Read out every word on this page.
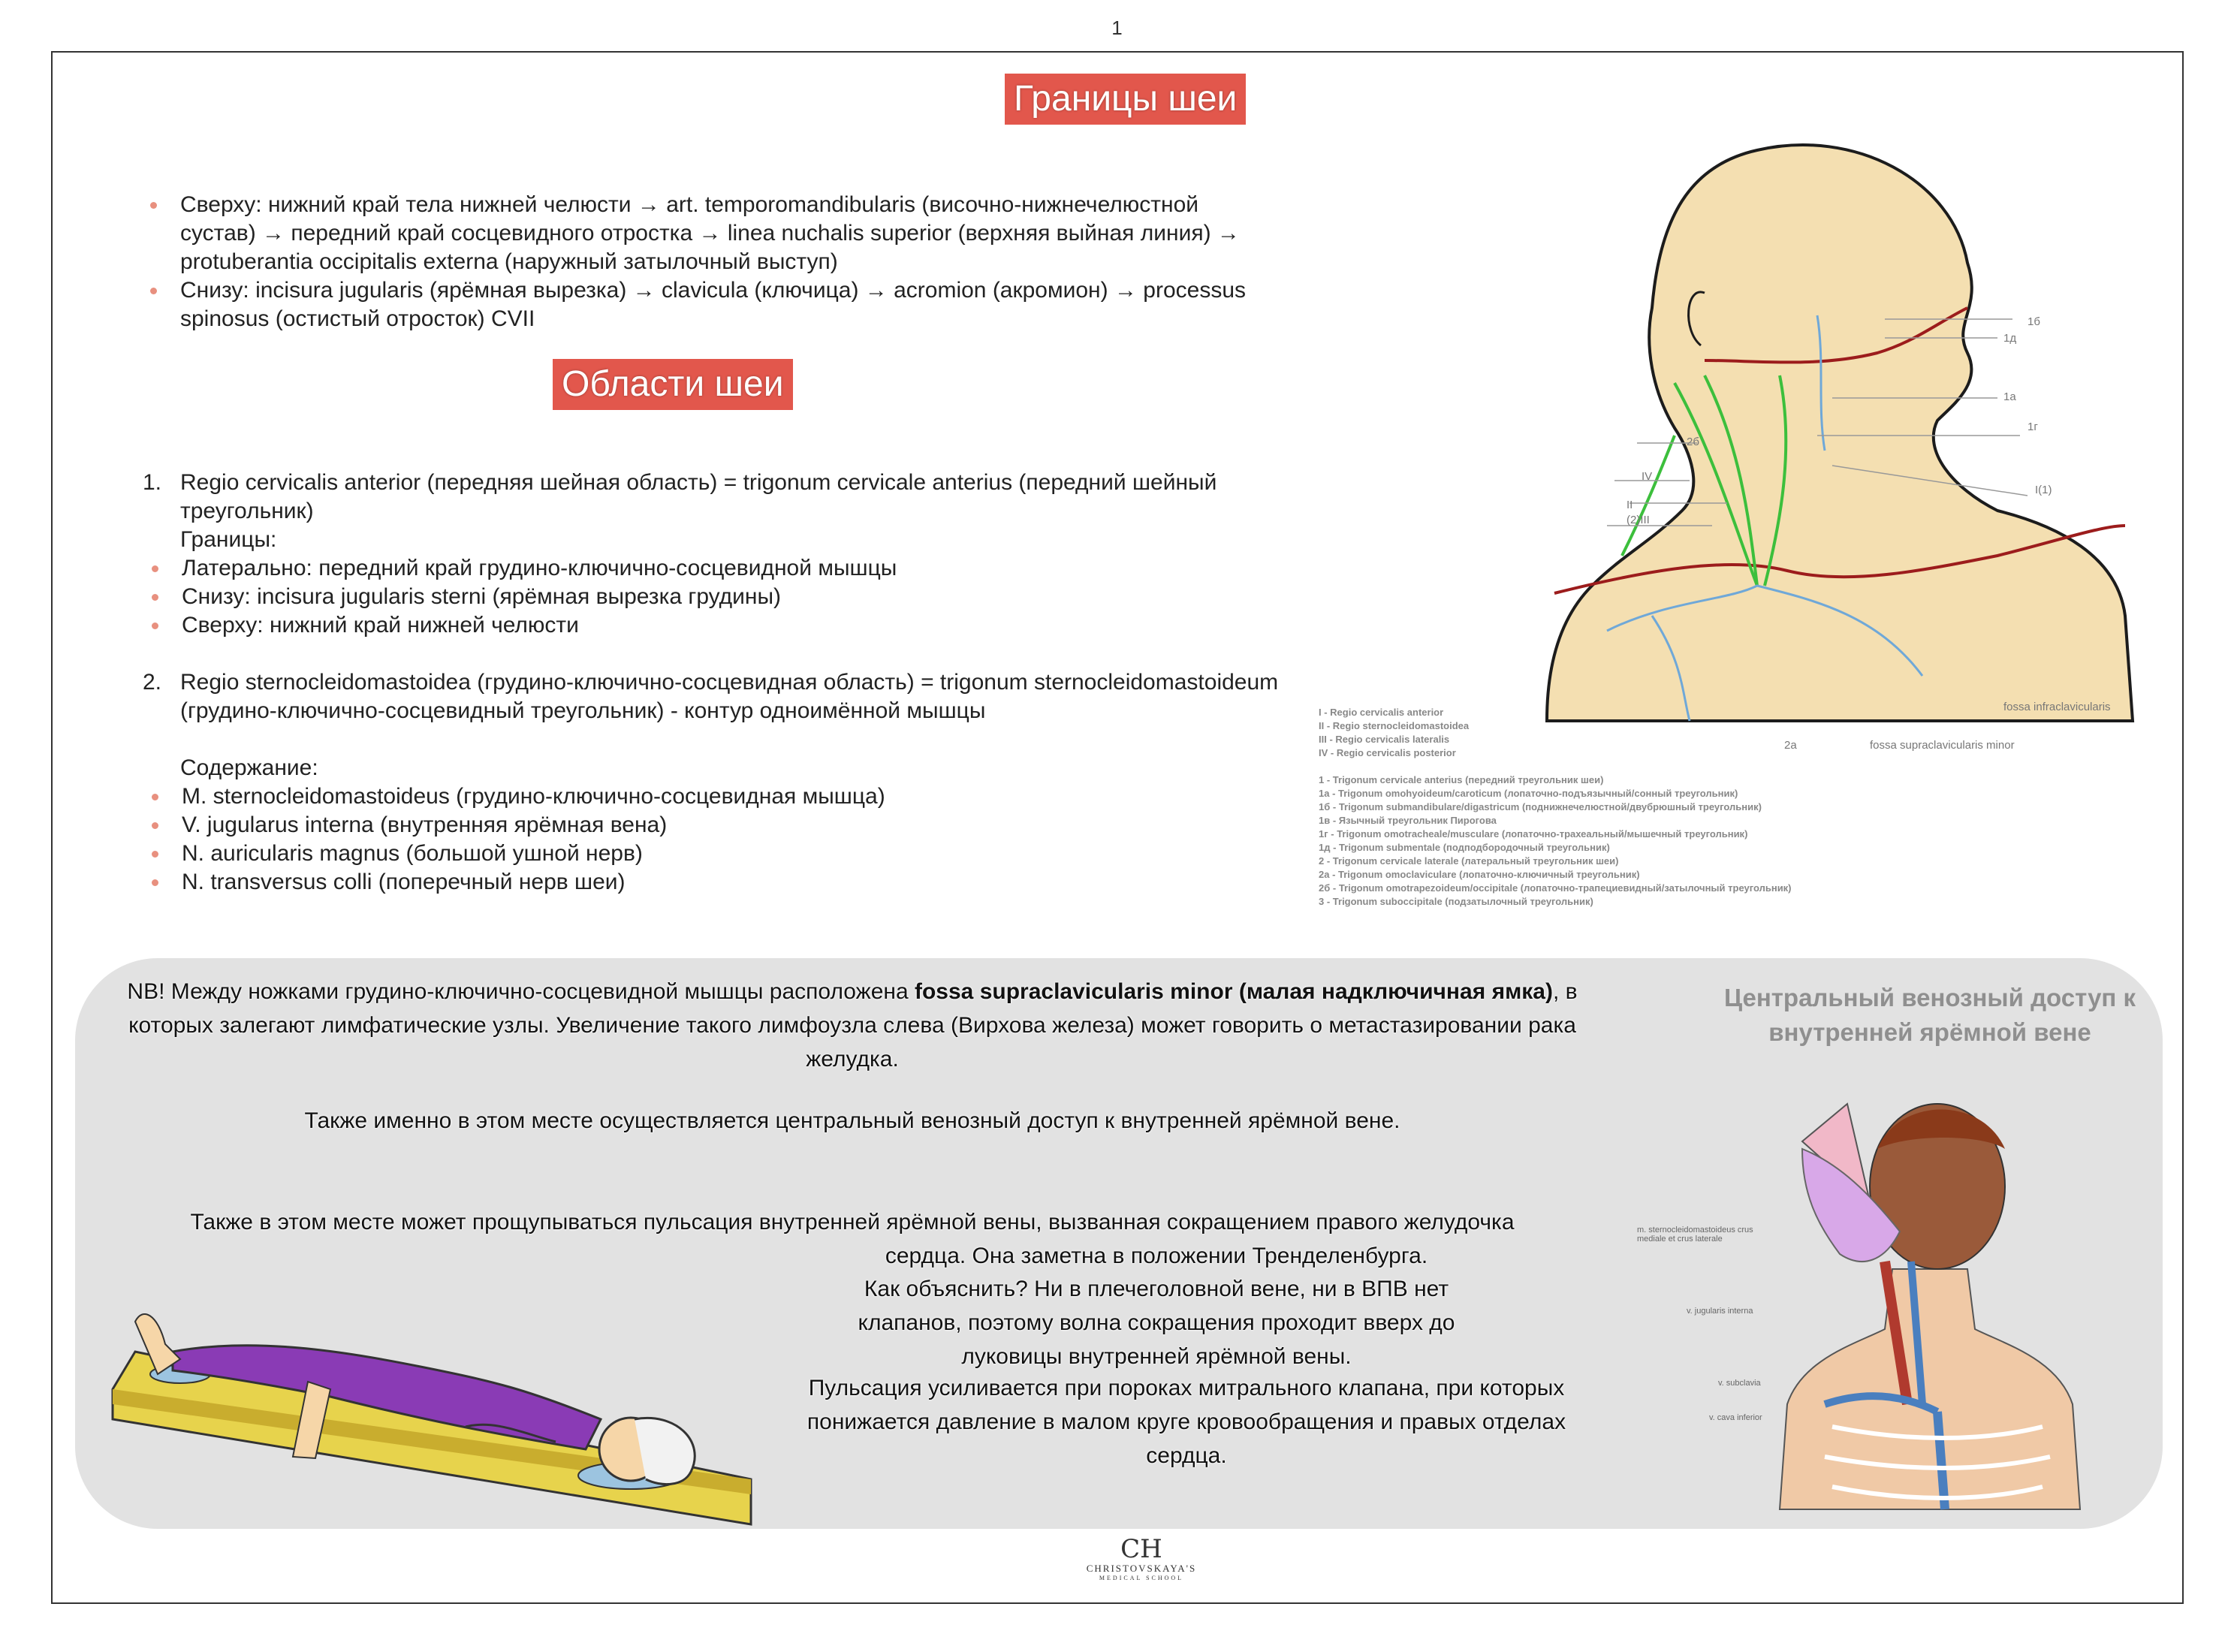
1
Границы шеи
Сверху: нижний край тела нижней челюсти → art. temporomandibularis (височно-нижнечелюстной сустав) → передний край сосцевидного отростка → linea nuchalis superior (верхняя выйная линия) → protuberantia occipitalis externa (наружный затылочный выступ)
Снизу: incisura jugularis (ярёмная вырезка) → clavicula (ключица) → acromion (акромион) → processus spinosus (остистый отросток) CVII
Области шеи
1. Regio cervicalis anterior (передняя шейная область) = trigonum cervicale anterius (передний шейный треугольник)
Границы:
Латерально: передний край грудино-ключично-сосцевидной мышцы
Снизу: incisura jugularis sterni (ярёмная вырезка грудины)
Сверху: нижний край нижней челюсти
2. Regio sternocleidomastoidea (грудино-ключично-сосцевидная область) = trigonum sternocleidomastoideum (грудино-ключично-сосцевидный треугольник) - контур одноимённой мышцы
Содержание:
M. sternocleidomastoideus (грудино-ключично-сосцевидная мышца)
V. jugularus interna (внутренняя ярёмная вена)
N. auricularis magnus (большой ушной нерв)
N. transversus colli (поперечный нерв шеи)
1б
1д
1а
1г
2б
IV
I(1)
II
(2)III
fossa infraclavicularis
2а	fossa supraclavicularis minor
I - Regio cervicalis anterior
II - Regio sternocleidomastoidea
III - Regio cervicalis lateralis
IV - Regio cervicalis posterior
1 - Trigonum cervicale anterius (передний треугольник шеи)
1а - Trigonum omohyoideum/caroticum (лопаточно-подъязычный/сонный треугольник)
1б - Trigonum submandibulare/digastricum (поднижнечелюстной/двубрюшный треугольник)
1в - Язычный треугольник Пирогова
1г - Trigonum omotracheale/musculare (лопаточно-трахеальный/мышечный треугольник)
1д - Trigonum submentale (подподбородочный треугольник)
2 - Trigonum cervicale laterale (латеральный треугольник шеи)
2а - Trigonum omoclaviculare (лопаточно-ключичный треугольник)
2б - Trigonum omotrapezoideum/occipitale (лопаточно-трапециевидный/затылочный треугольник)
3 - Trigonum suboccipitale (подзатылочный треугольник)
NB! Между ножками грудино-ключично-сосцевидной мышцы расположена fossa supraclavicularis minor (малая надключичная ямка), в которых залегают лимфатические узлы. Увеличение такого лимфоузла слева (Вирхова железа) может говорить о метастазировании рака желудка.
Также именно в этом месте осуществляется центральный венозный доступ к внутренней ярёмной вене.
Также в этом месте может прощупываться пульсация внутренней ярёмной вены, вызванная сокращением правого желудочка
сердца. Она заметна в положении Тренделенбурга.
Как объяснить? Ни в плечеголовной вене, ни в ВПВ нет клапанов, поэтому волна сокращения проходит вверх до луковицы внутренней ярёмной вены.
Пульсация усиливается при пороках митрального клапана, при которых понижается давление в малом круге кровообращения и правых отделах сердца.
Центральный венозный доступ к внутренней ярёмной вене
m. sternocleidomastoideus crus mediale et crus laterale
v. jugularis interna
v. subclavia
v. cava inferior
CH
CHRISTOVSKAYA'S
MEDICAL SCHOOL
